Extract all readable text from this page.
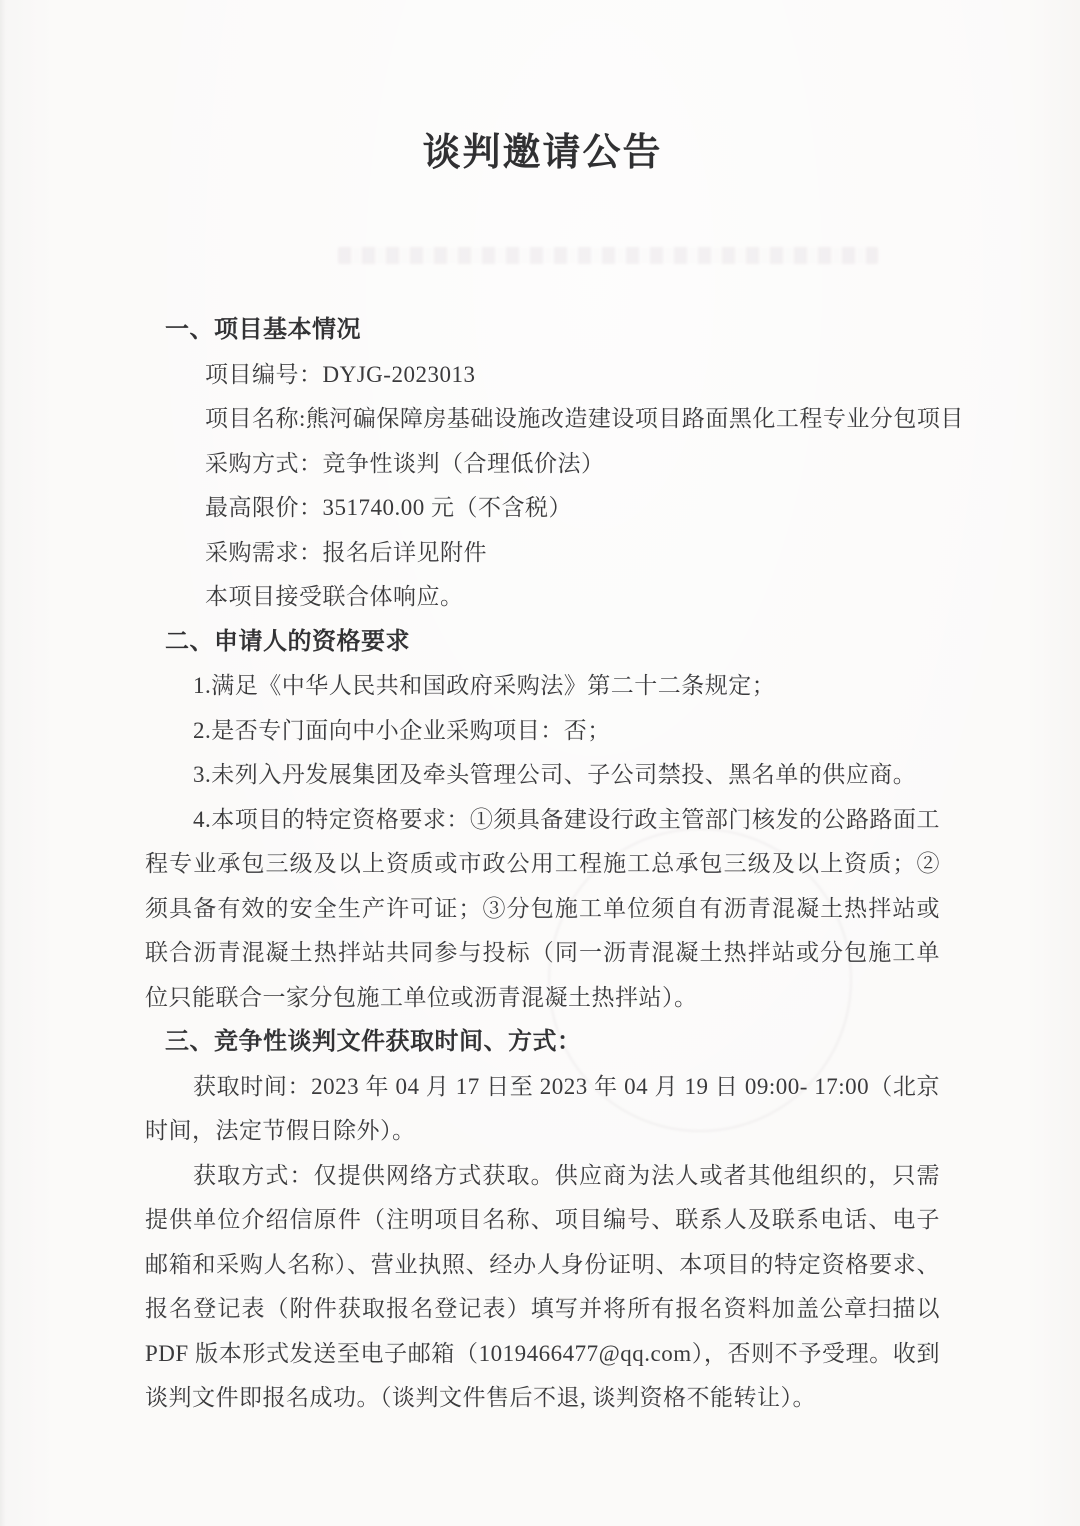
谈判邀请公告
一、项目基本情况

项目编号：DYJG-2023013

项目名称:熊河碥保障房基础设施改造建设项目路面黑化工程专业分包项目

采购方式：竞争性谈判（合理低价法）

最高限价：351740.00 元（不含税）

采购需求：报名后详见附件

本项目接受联合体响应。

二、申请人的资格要求

1.满足《中华人民共和国政府采购法》第二十二条规定；

2.是否专门面向中小企业采购项目：否；

3.未列入丹发展集团及牵头管理公司、子公司禁投、黑名单的供应商。

4.本项目的特定资格要求：①须具备建设行政主管部门核发的公路路面工程专业承包三级及以上资质或市政公用工程施工总承包三级及以上资质；②须具备有效的安全生产许可证；③分包施工单位须自有沥青混凝土热拌站或联合沥青混凝土热拌站共同参与投标（同一沥青混凝土热拌站或分包施工单位只能联合一家分包施工单位或沥青混凝土热拌站）。

三、竞争性谈判文件获取时间、方式：

获取时间：2023 年 04 月 17 日至 2023 年 04 月 19 日 09:00- 17:00（北京时间，法定节假日除外）。

获取方式：仅提供网络方式获取。供应商为法人或者其他组织的，只需提供单位介绍信原件（注明项目名称、项目编号、联系人及联系电话、电子邮箱和采购人名称）、营业执照、经办人身份证明、本项目的特定资格要求、报名登记表（附件获取报名登记表）填写并将所有报名资料加盖公章扫描以 PDF 版本形式发送至电子邮箱（1019466477@qq.com），否则不予受理。收到谈判文件即报名成功。（谈判文件售后不退, 谈判资格不能转让）。
